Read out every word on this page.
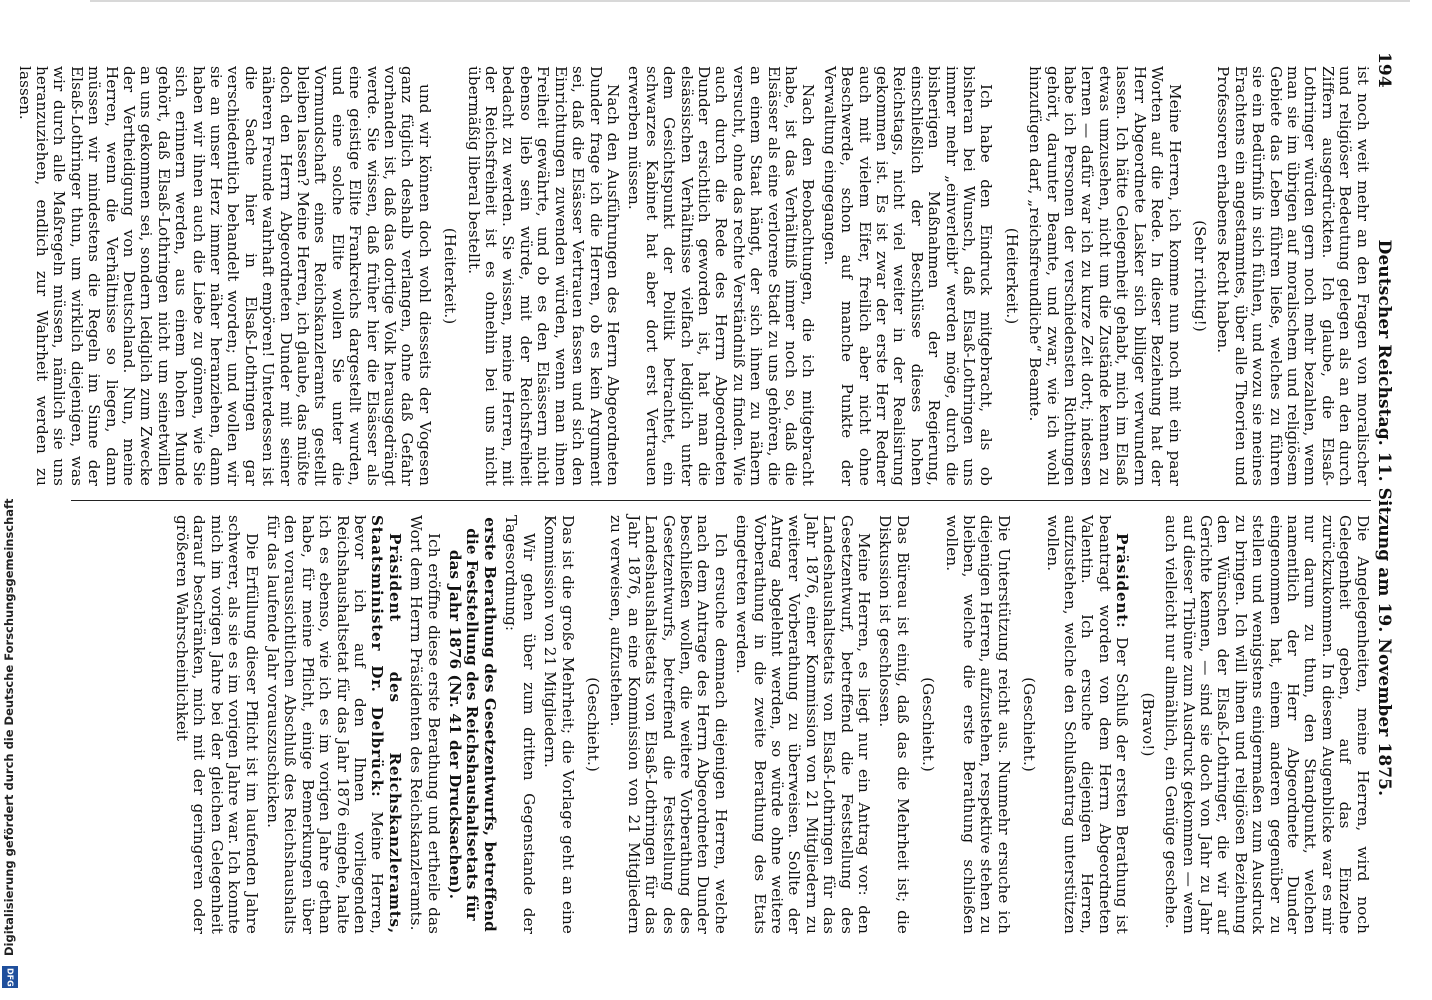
194
Deutscher Reichstag. 11. Sitzung am 19. November 1875.

ist noch weit mehr an den Fragen von moralischer und religiöser Bedeutung gelegen als an den durch Ziffern ausgedrückten. Ich glaube, die Elsaß-Lothringer würden gern noch mehr bezahlen, wenn man sie im übrigen auf moralischem und religiösem Gebiete das Leben führen ließe, welches zu führen sie ein Bedürfniß in sich fühlen, und wozu sie meines Erachtens ein angestammtes, über alle Theorien und Professoren erhabenes Recht haben.

(Sehr richtig!)

Meine Herren, ich komme nun noch mit ein paar Worten auf die Rede. In dieser Beziehung hat der Herr Abgeordnete Lasker sich billiger verwundern lassen. Ich hätte Gelegenheit gehabt, mich im Elsaß etwas umzusehen, nicht um die Zustände kennen zu lernen — dafür war ich zu kurze Zeit dort; indessen habe ich Personen der verschiedensten Richtungen gehört, darunter Beamte, und zwar, wie ich wohl hinzufügen darf, „reichsfreundliche“ Beamte.

(Heiterkeit.)

Ich habe den Eindruck mitgebracht, als ob bisheran bei Wunsch, daß Elsaß-Lothringen uns immer mehr „einverleibt“ werden möge, durch die bisherigen Maßnahmen der Regierung, einschließlich der Beschlüsse dieses hohen Reichstags, nicht viel weiter in der Realisirung gekommen ist. Es ist zwar der erste Herr Redner auch mit vielem Eifer, freilich aber nicht ohne Beschwerde, schon auf manche Punkte der Verwaltung eingegangen.

Nach den Beobachtungen, die ich mitgebracht habe, ist das Verhältniß immer noch so, daß die Elsässer als eine verlorene Stadt zu uns gehören, die an einem Staat hängt, der sich ihnen zu nähern versucht, ohne das rechte Verständniß zu finden. Wie auch durch die Rede des Herrn Abgeordneten Dunder ersichtlich geworden ist, hat man die elsässischen Verhältnisse vielfach lediglich unter dem Gesichtspunkt der Politik betrachtet, ein schwarzes Kabinet hat aber dort erst Vertrauen erwerben müssen.

Nach den Ausführungen des Herrn Abgeordneten Dunder frage ich die Herren, ob es kein Argument sei, daß die Elsässer Vertrauen fassen und sich den Einrichtungen zuwenden würden, wenn man ihnen Freiheit gewährte, und ob es den Elsässern nicht ebenso lieb sein würde, mit der Reichsfreiheit bedacht zu werden. Sie wissen, meine Herren, mit der Reichsfreiheit ist es ohnehin bei uns nicht übermäßig liberal bestellt.

(Heiterkeit.)

und wir können doch wohl diesseits der Vogesen ganz füglich deshalb verlangen, ohne daß Gefahr vorhanden ist, daß das dortige Volk herausgedrängt werde. Sie wissen, daß früher hier die Elsässer als eine geistige Elite Frankreichs dargestellt wurden, und eine solche Elite wollen Sie unter die Vormundschaft eines Reichskanzleramts gestellt bleiben lassen? Meine Herren, ich glaube, das müßte doch den Herrn Abgeordneten Dunder mit seiner näheren Freunde wahrhaft empören! Unterdessen ist die Sache hier in Elsaß-Lothringen gar verschiedentlich behandelt worden; und wollen wir sie an unser Herz immer näher heranziehen, dann haben wir ihnen auch die Liebe zu gönnen, wie Sie sich erinnern werden, aus einem hohen Munde gehört, daß Elsaß-Lothringen nicht um seinetwillen an uns gekommen sei, sondern lediglich zum Zwecke der Vertheidigung von Deutschland. Nun, meine Herren, wenn die Verhältnisse so liegen, dann müssen wir mindestens die Regeln im Sinne der Elsaß-Lothringer thun, um wirklich diejenigen, was wir durch alle Maßregeln müssen, nämlich sie uns heranzuziehen, endlich zur Wahrheit werden zu lassen.

Die Angelegenheiten, meine Herren, wird noch Gelegenheit geben, auf das Einzelne zurückzukommen. In diesem Augenblicke war es mir nur darum zu thun, den Standpunkt, welchen namentlich der Herr Abgeordnete Dunder eingenommen hat, einem anderen gegenüber zu stellen und wenigstens einigermaßen zum Ausdruck zu bringen. Ich will ihnen und religiösen Beziehung den Wünschen der Elsaß-Lothringer, die wir auf Gerichte kennen, — sind sie doch von Jahr zu Jahr auf dieser Tribüne zum Ausdruck gekommen — wenn auch vielleicht nur allmählich, ein Genüge geschehe.

(Bravo!)

Präsident: Der Schluß der ersten Berathung ist beantragt worden von dem Herrn Abgeordneten Valentin. Ich ersuche diejenigen Herren, aufzustehen, welche den Schlußantrag unterstützen wollen.

(Geschieht.)

Die Unterstützung reicht aus. Nunmehr ersuche ich diejenigen Herren, aufzustehen, respektive stehen zu bleiben, welche die erste Berathung schließen wollen.

(Geschieht.)

Das Büreau ist einig, daß das die Mehrheit ist; die Diskussion ist geschlossen.

Meine Herren, es liegt nur ein Antrag vor: den Gesetzentwurf, betreffend die Feststellung des Landeshaushaltsetats von Elsaß-Lothringen für das Jahr 1876, einer Kommission von 21 Mitgliedern zu weiterer Vorberathung zu überweisen. Sollte der Antrag abgelehnt werden, so würde ohne weitere Vorberathung in die zweite Berathung des Etats eingetreten werden.

Ich ersuche demnach diejenigen Herren, welche nach dem Antrage des Herrn Abgeordneten Dunder beschließen wollen, die weitere Vorberathung des Gesetzentwurfs, betreffend die Feststellung des Landeshaushaltsetats von Elsaß-Lothringen für das Jahr 1876, an eine Kommission von 21 Mitgliedern zu verweisen, aufzustehen.

(Geschieht.)

Das ist die große Mehrheit; die Vorlage geht an eine Kommission von 21 Mitgliedern.

Wir gehen über zum dritten Gegenstande der Tagesordnung:

erste Berathung des Gesetzentwurfs, betreffend die Feststellung des Reichshaushaltsetats für das Jahr 1876 (Nr. 41 der Drucksachen).

Ich eröffne diese erste Berathung und ertheile das Wort dem Herrn Präsidenten des Reichskanzleramts.

Präsident des Reichskanzleramts, Staatsminister Dr. Delbrück: Meine Herren, bevor ich auf den Ihnen vorliegenden Reichshaushaltsetat für das Jahr 1876 eingehe, halte ich es ebenso, wie ich es im vorigen Jahre gethan habe, für meine Pflicht, einige Bemerkungen über den voraussichtlichen Abschluß des Reichshaushalts für das laufende Jahr vorauszuschicken.

Die Erfüllung dieser Pflicht ist im laufenden Jahre schwerer, als sie es im vorigen Jahre war. Ich konnte mich im vorigen Jahre bei der gleichen Gelegenheit darauf beschränken, mich mit der geringeren oder größeren Wahrscheinlichkeit

Digitalisierung gefördert durch die Deutsche Forschungsgemeinschaft
DFG
